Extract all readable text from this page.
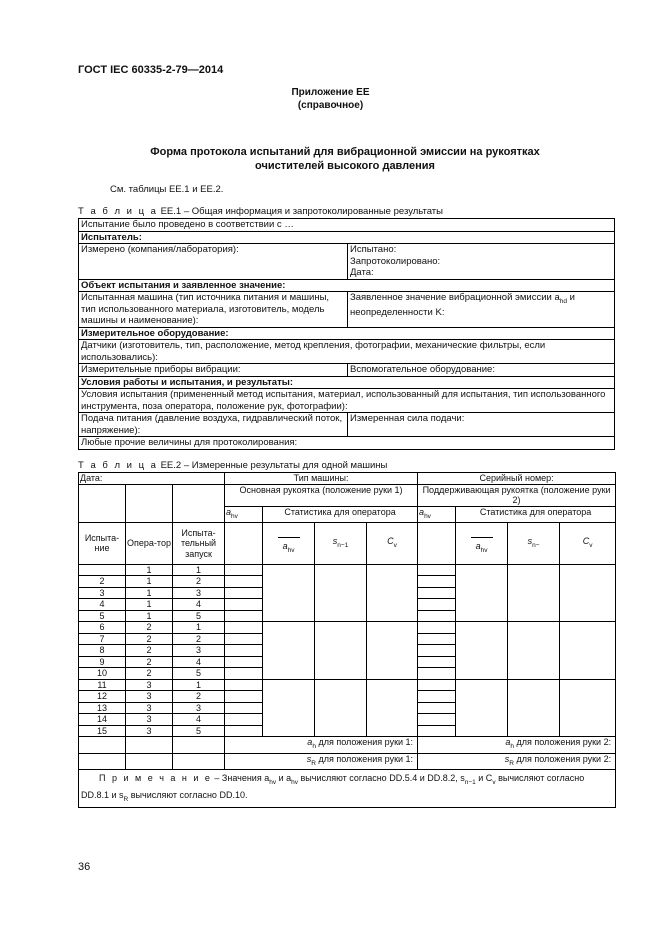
ГОСТ IEC 60335-2-79—2014
Приложение ЕЕ
(справочное)
Форма протокола испытаний для вибрационной эмиссии на рукоятках
очистителей высокого давления
См. таблицы ЕЕ.1 и ЕЕ.2.
Т а б л и ц а ЕЕ.1 – Общая информация и запротоколированные результаты
Испытание было проведено в соответствии с …	
Испытатель:	
Измерено (компания/лаборатория):	Испытано:
Запротоколировано:
Дата:

Объект испытания и заявленное значение:	
Испытанная машина (тип источника питания и машины, тип использованного материала, изготовитель, модель машины и наименование):	Заявленное значение вибрационной эмиссии $a_{hd}$ и неопределенности K:
Измерительное оборудование:	
Датчики (изготовитель, тип, расположение, метод крепления, фотографии, механические фильтры, если использовались):	
Измерительные приборы вибрации:	Вспомогательное оборудование:
Условия работы и испытания, и результаты:	
Условия испытания (примененный метод испытания, материал, использованный для испытания, тип использованного инструмента, поза оператора, положение рук, фотографии):	
Подача питания (давление воздуха, гидравлический поток, напряжение):	Измеренная сила подачи:
Любые прочие величины для протоколирования:	
Т а б л и ц а ЕЕ.2 – Измеренные результаты для одной машины
Дата:			Тип машины:				Серийный номер:			
			Основная рукоятка (положение руки 1)				Поддерживающая рукоятка (положение руки 2)			
			$a_{hv}$	Статистика для оператора			$a_{hv}$	Статистика для оператора		
Испыта-ние	Опера-тор	Испыта-тельный запуск		$a_{hv}$	$s_{n-1}$	$C_v$		$a_{hv}$	$s_{n-}$	$C_v$
	1	1								
2	1	2								
3	1	3								
4	1	4								
5	1	5								
6	2	1								
7	2	2								
8	2	3								
9	2	4								
10	2	5								
11	3	1								
12	3	2								
13	3	3								
14	3	4								
15	3	5								
			$a_h$ для положения руки 1:				$a_h$ для положения руки 2:			
			$s_R$ для положения руки 1:				$s_R$ для положения руки 2:			
П р и м е ч а н и е – Значения $a_{hv}$ и $a_{hv}$ вычисляют согласно DD.5.4 и DD.8.2, $s_{n-1}$ и $C_v$ вычисляют согласно DD.8.1 и $s_R$ вычисляют согласно DD.10.										
36
